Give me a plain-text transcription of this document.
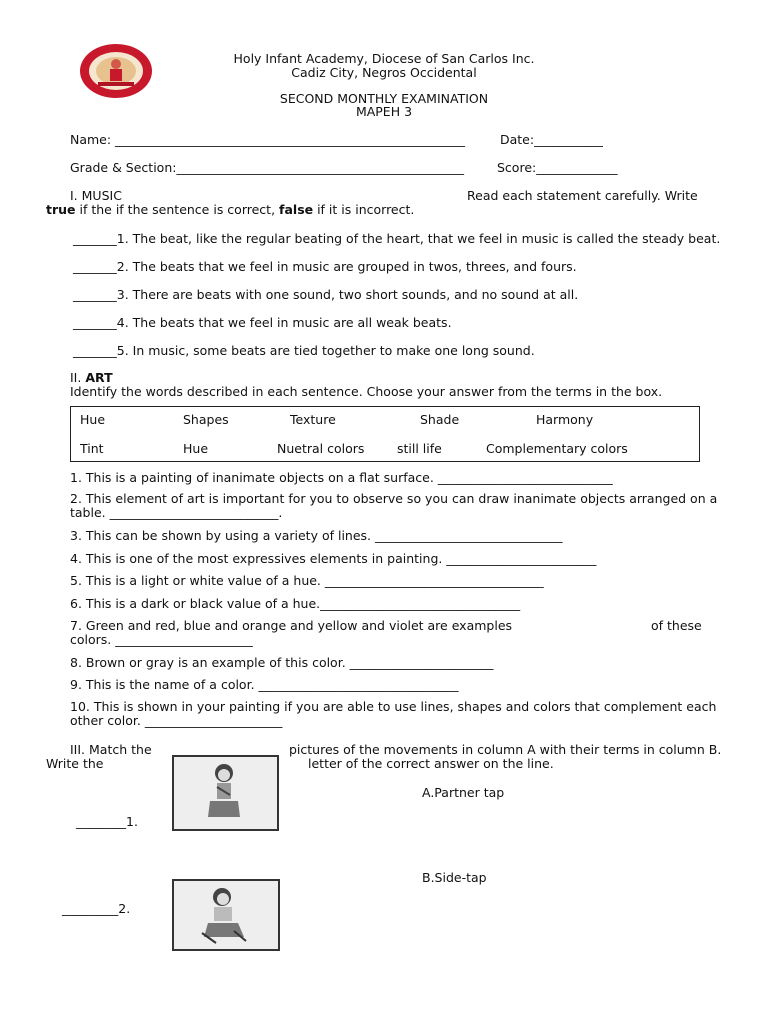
Holy Infant Academy, Diocese of San Carlos Inc.
Cadiz City, Negros Occidental
SECOND MONTHLY EXAMINATION
MAPEH 3
Name: ________________________________________________________	Date:___________
Grade & Section:______________________________________________	Score:_____________
I. MUSIC	Read each statement carefully. Write
true if the if the sentence is correct, false if it is incorrect.
_______1. The beat, like the regular beating of the heart, that we feel in music is called the steady beat.
_______2. The beats that we feel in music are grouped in twos, threes, and fours.
_______3. There are beats with one sound, two short sounds, and no sound at all.
_______4. The beats that we feel in music are all weak beats.
_______5. In music, some beats are tied together to make one long sound.
II. ART
Identify the words described in each sentence. Choose your answer from the terms in the box.
Hue	Shapes	Texture	Shade	Harmony
Tint	Hue	Nuetral colors	still life	Complementary colors
1. This is a painting of inanimate objects on a flat surface. ____________________________
2. This element of art is important for you to observe so you can draw inanimate objects arranged on a
table. ___________________________.
3. This can be shown by using a variety of lines. ______________________________
4. This is one of the most expressives elements in painting. ________________________
5. This is a light or white value of a hue. ___________________________________
6. This is a dark or black value of a hue.________________________________
7. Green and red, blue and orange and yellow and violet are examples	of these
colors. ______________________
8. Brown or gray is an example of this color. _______________________
9. This is the name of a color. ________________________________
10. This is shown in your painting if you are able to use lines, shapes and colors that complement each
other color. ______________________
III. Match the	pictures of the movements in column A with their terms in column B.
Write the	letter of the correct answer on the line.
A.Partner tap
________1.
B.Side-tap
_________2.
